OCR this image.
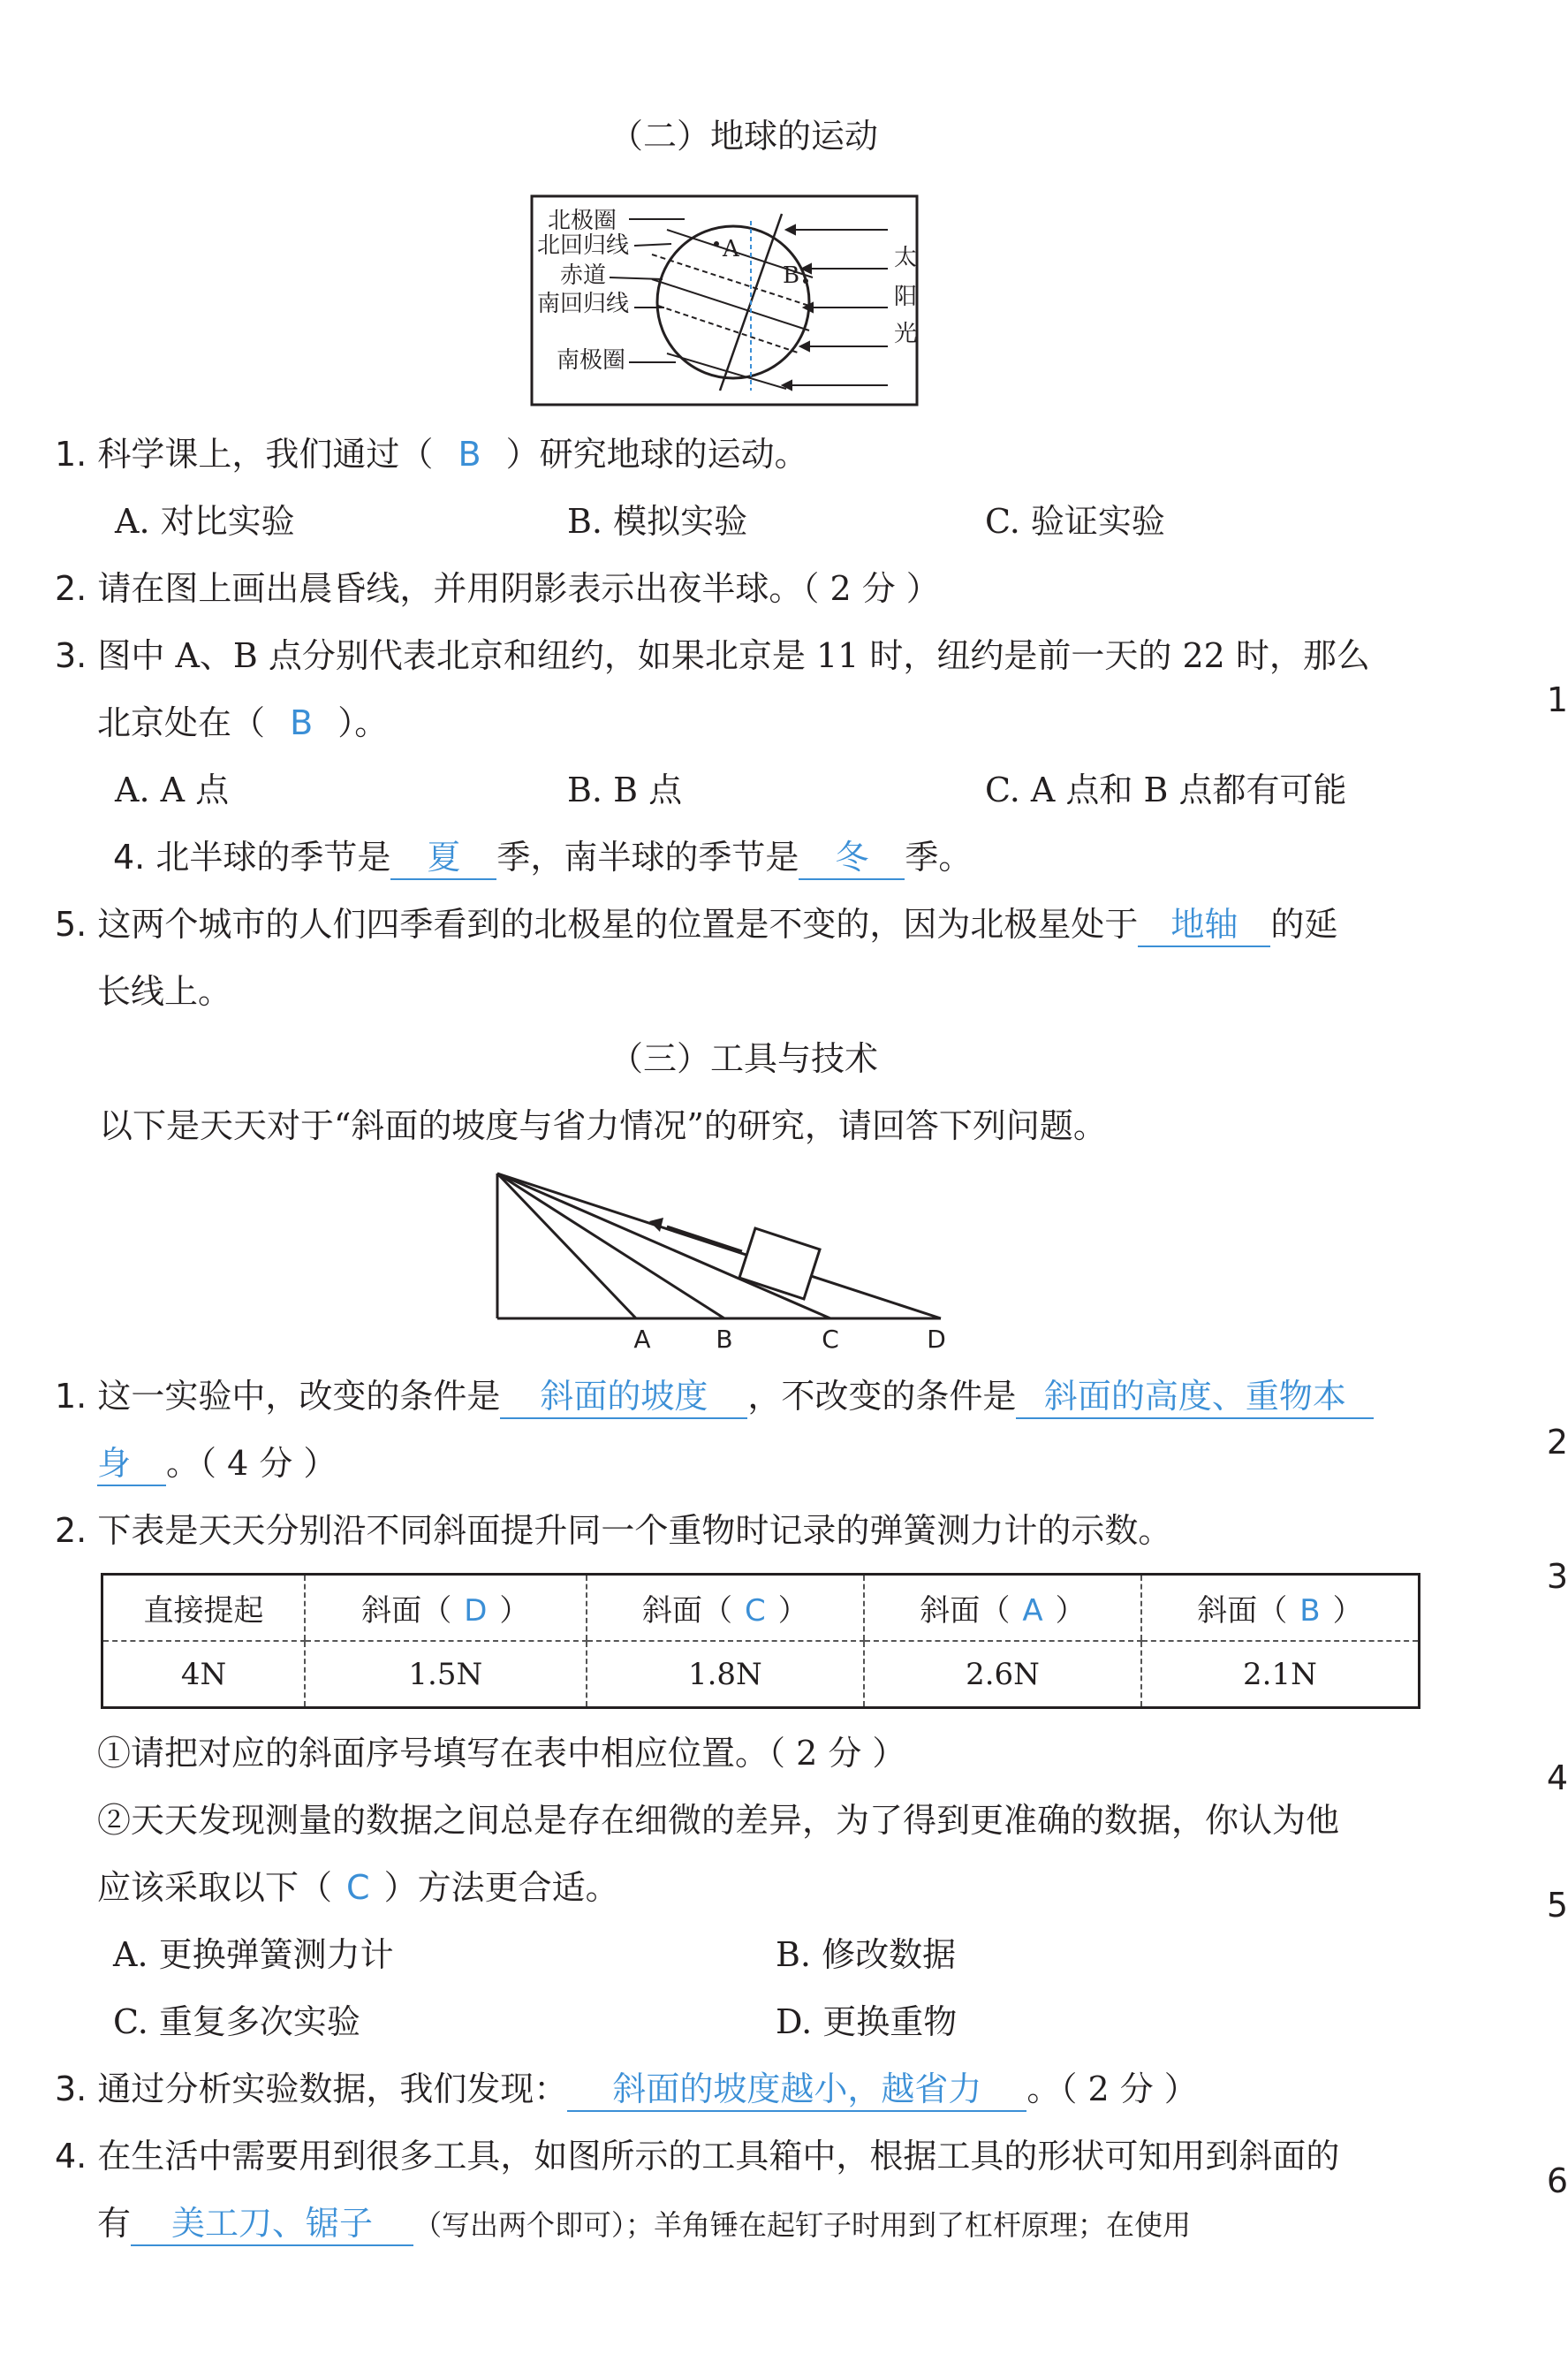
（二）地球的运动
北极圈
北回归线
赤道
南回归线
南极圈
A
B
太
阳
光
1. 科学课上，我们通过（ B ）研究地球的运动。
A. 对比实验	B. 模拟实验	C. 验证实验
2. 请在图上画出晨昏线，并用阴影表示出夜半球。（ 2 分 ）
3. 图中 A、B 点分别代表北京和纽约，如果北京是 11 时，纽约是前一天的 22 时，那么
北京处在（ B ）。
A. A 点	B. B 点	C. A 点和 B 点都有可能
4. 北半球的季节是 夏 季，南半球的季节是 冬 季。
5. 这两个城市的人们四季看到的北极星的位置是不变的，因为北极星处于 地轴 的延
长线上。
（三）工具与技术
以下是天天对于“斜面的坡度与省力情况”的研究，请回答下列问题。
A	B	C	D
1. 这一实验中，改变的条件是 斜面的坡度 ，不改变的条件是 斜面的高度、重物本
身 。（ 4 分 ）
2. 下表是天天分别沿不同斜面提升同一个重物时记录的弹簧测力计的示数。
直接提起	斜面（ D ）	斜面（ C ）	斜面（ A ）	斜面（ B ）
4N	1.5N	1.8N	2.6N	2.1N
①请把对应的斜面序号填写在表中相应位置。（ 2 分 ）
②天天发现测量的数据之间总是存在细微的差异，为了得到更准确的数据，你认为他
应该采取以下（ C ）方法更合适。
A. 更换弹簧测力计	B. 修改数据
C. 重复多次实验	D. 更换重物
3. 通过分析实验数据，我们发现： 斜面的坡度越小，越省力 。（ 2 分 ）
4. 在生活中需要用到很多工具，如图所示的工具箱中，根据工具的形状可知用到斜面的
有 美工刀、锯子 （写出两个即可）；羊角锤在起钉子时用到了杠杆原理；在使用
1
2
3
4
5
6
